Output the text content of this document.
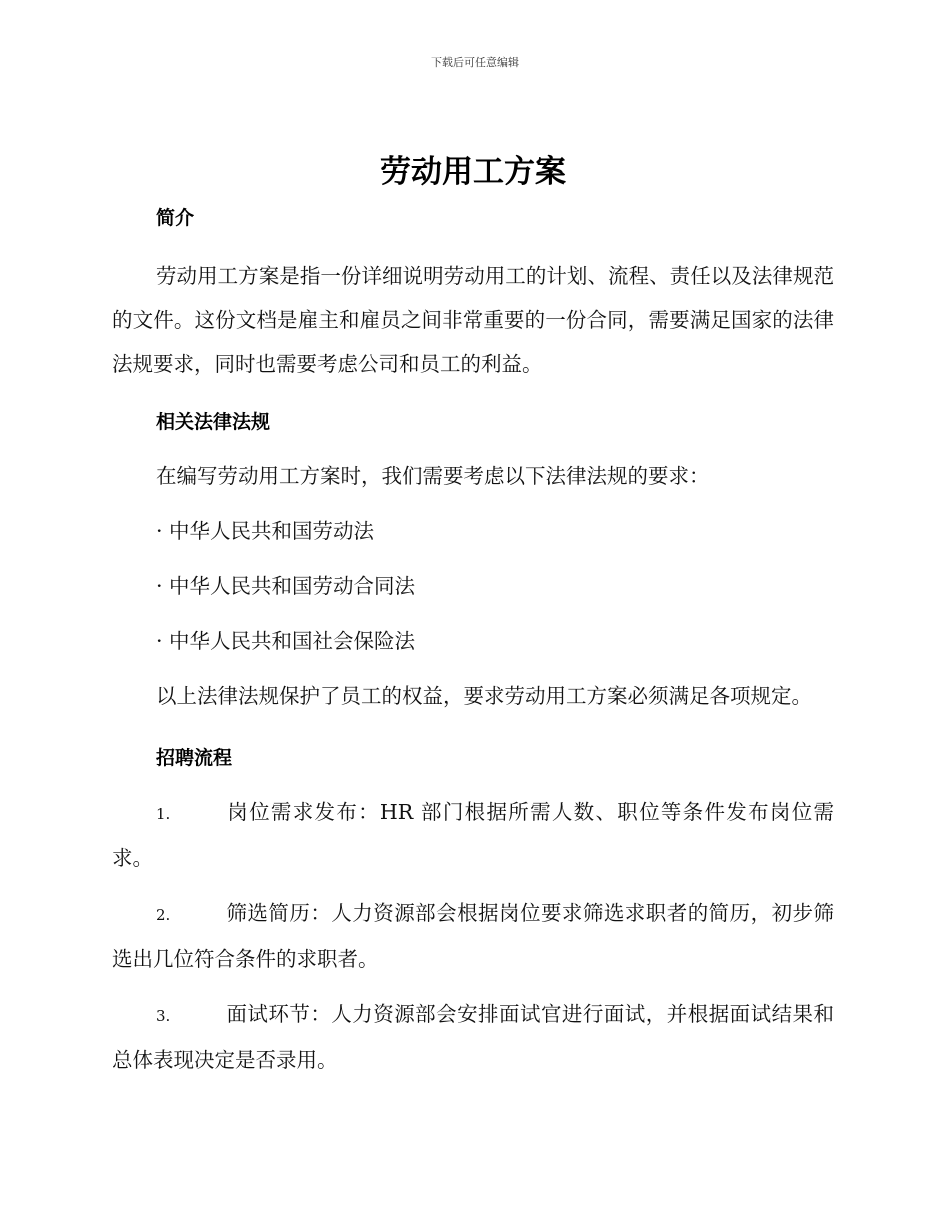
下载后可任意编辑
劳动用工方案
简介

劳动用工方案是指一份详细说明劳动用工的计划、流程、责任以及法律规范的文件。这份文档是雇主和雇员之间非常重要的一份合同，需要满足国家的法律法规要求，同时也需要考虑公司和员工的利益。

相关法律法规

在编写劳动用工方案时，我们需要考虑以下法律法规的要求：

· 中华人民共和国劳动法

· 中华人民共和国劳动合同法

· 中华人民共和国社会保险法

以上法律法规保护了员工的权益，要求劳动用工方案必须满足各项规定。

招聘流程

1.	岗位需求发布：HR 部门根据所需人数、职位等条件发布岗位需求。

2.	筛选简历：人力资源部会根据岗位要求筛选求职者的简历，初步筛选出几位符合条件的求职者。

3.	面试环节：人力资源部会安排面试官进行面试，并根据面试结果和总体表现决定是否录用。
